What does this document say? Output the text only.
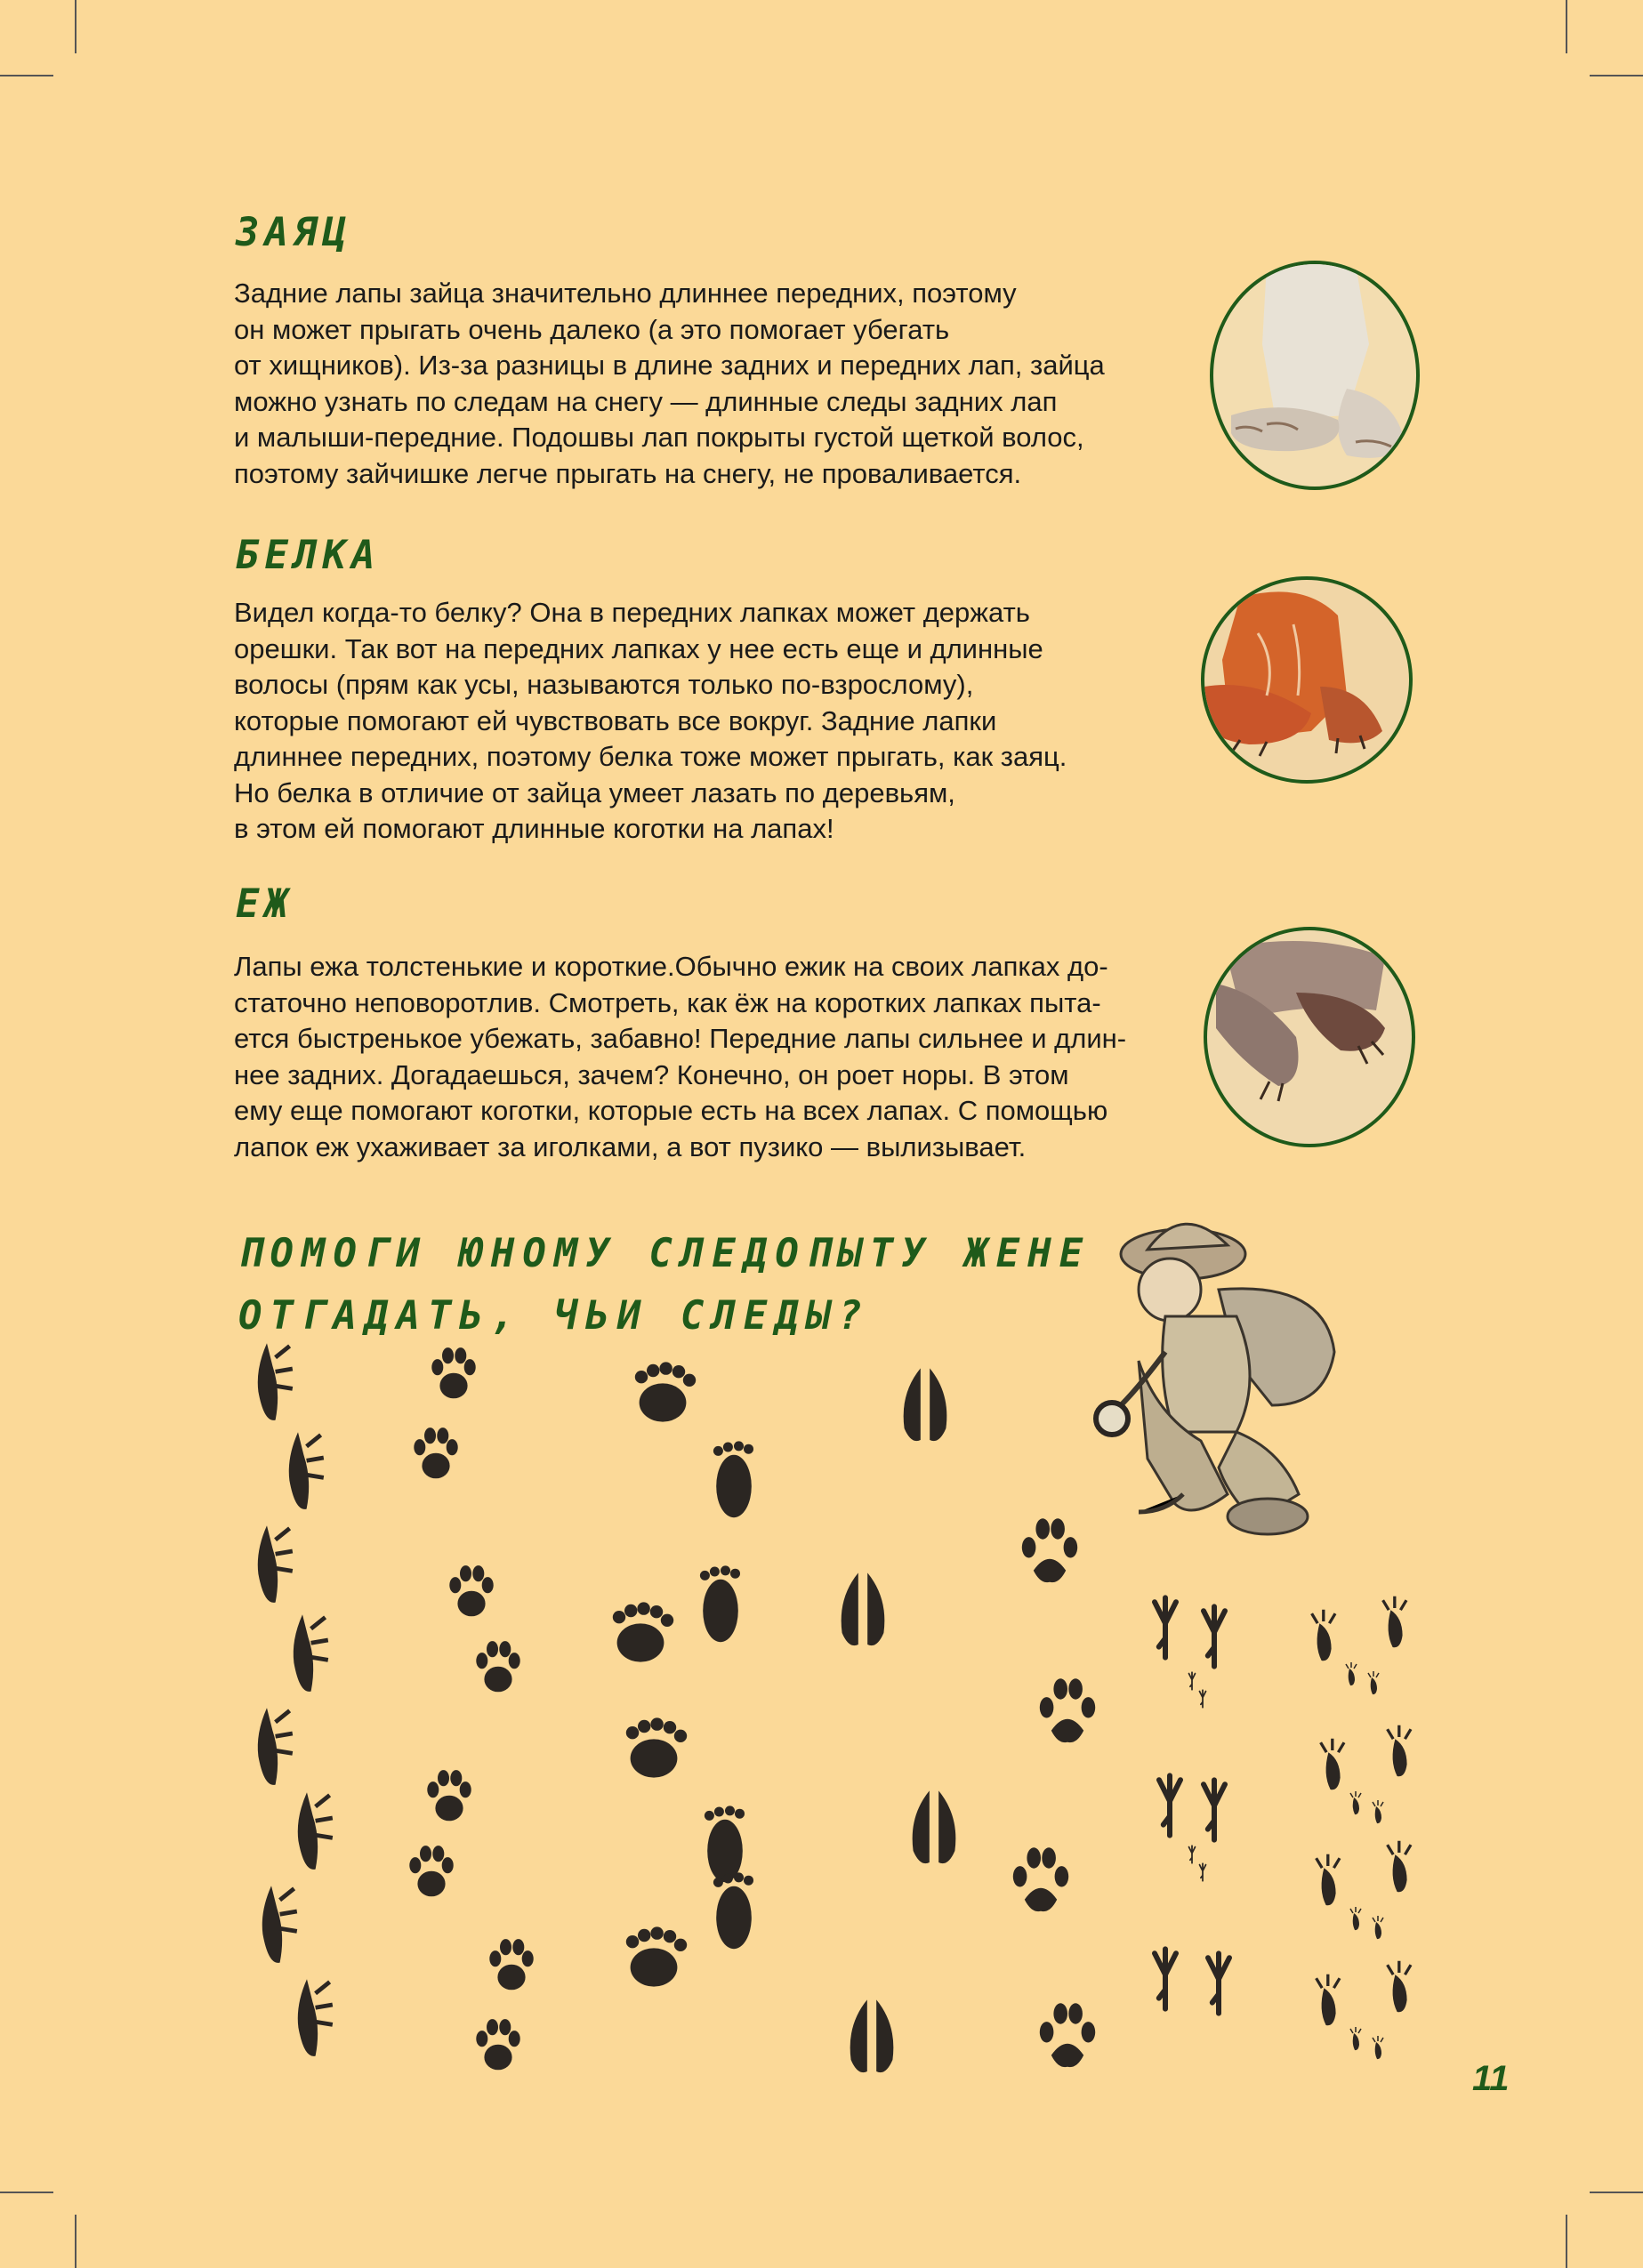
ЗАЯЦ

Задние лапы зайца значительно длиннее передних, поэтому
он может прыгать очень далеко (а это помогает убегать
от хищников). Из-за разницы в длине задних и передних лап, зайца
можно узнать по следам на снегу — длинные следы задних лап
и малыши-передние. Подошвы лап покрыты густой щеткой волос,
поэтому зайчишке легче прыгать на снегу, не проваливается.

БЕЛКА

Видел когда-то белку? Она в передних лапках может держать
орешки. Так вот на передних лапках у нее есть еще и длинные
волосы (прям как усы, называются только по-взрослому),
которые помогают ей чувствовать все вокруг. Задние лапки
длиннее передних, поэтому белка тоже может прыгать, как заяц.
Но белка в отличие от зайца умеет лазать по деревьям,
в этом ей помогают длинные коготки на лапах!

ЕЖ

Лапы ежа толстенькие и короткие.Обычно ежик на своих лапках до-
статочно неповоротлив. Смотреть, как ёж на коротких лапках пыта-
ется быстренькое убежать, забавно! Передние лапы сильнее и длин-
нее задних. Догадаешься, зачем? Конечно, он роет норы. В этом
ему еще помогают коготки, которые есть на всех лапах. С помощью
лапок еж ухаживает за иголками, а вот пузико — вылизывает.

ПОМОГИ ЮНОМУ СЛЕДОПЫТУ ЖЕНЕ
ОТГАДАТЬ, ЧЬИ СЛЕДЫ?
11
